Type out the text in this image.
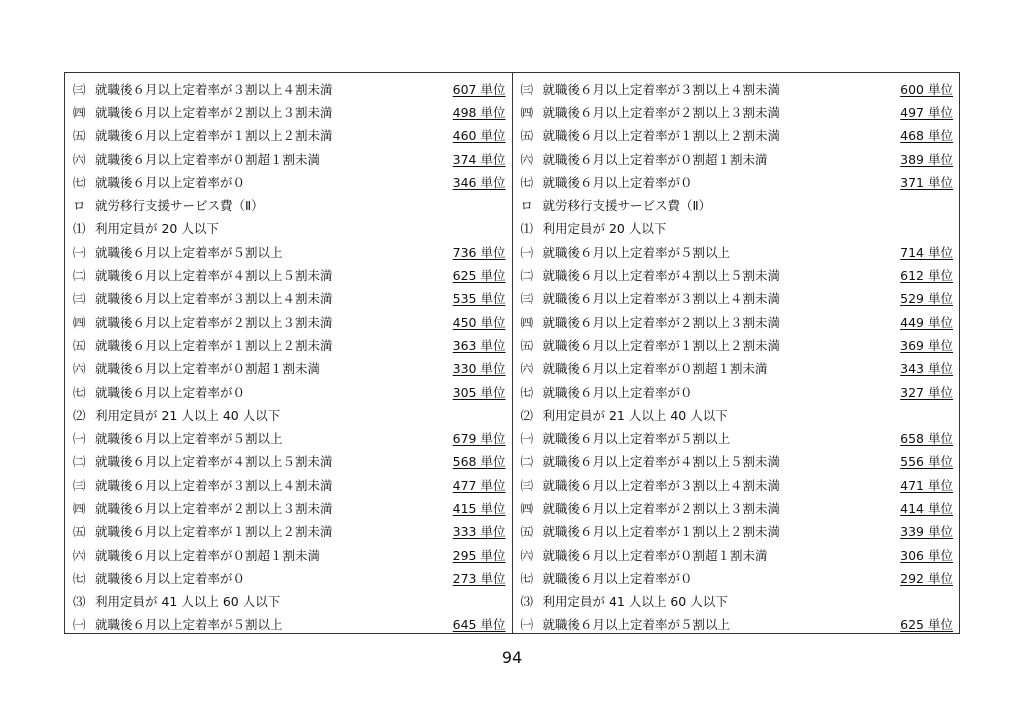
㈢ 就職後６月以上定着率が３割以上４割未満	607 単位
㈣ 就職後６月以上定着率が２割以上３割未満	498 単位
㈤ 就職後６月以上定着率が１割以上２割未満	460 単位
㈥ 就職後６月以上定着率が０割超１割未満	374 単位
㈦ 就職後６月以上定着率が０	346 単位
ロ 就労移行支援サービス費（Ⅱ）
⑴ 利用定員が 20 人以下
㈠ 就職後６月以上定着率が５割以上	736 単位
㈡ 就職後６月以上定着率が４割以上５割未満	625 単位
㈢ 就職後６月以上定着率が３割以上４割未満	535 単位
㈣ 就職後６月以上定着率が２割以上３割未満	450 単位
㈤ 就職後６月以上定着率が１割以上２割未満	363 単位
㈥ 就職後６月以上定着率が０割超１割未満	330 単位
㈦ 就職後６月以上定着率が０	305 単位
⑵ 利用定員が 21 人以上 40 人以下
㈠ 就職後６月以上定着率が５割以上	679 単位
㈡ 就職後６月以上定着率が４割以上５割未満	568 単位
㈢ 就職後６月以上定着率が３割以上４割未満	477 単位
㈣ 就職後６月以上定着率が２割以上３割未満	415 単位
㈤ 就職後６月以上定着率が１割以上２割未満	333 単位
㈥ 就職後６月以上定着率が０割超１割未満	295 単位
㈦ 就職後６月以上定着率が０	273 単位
⑶ 利用定員が 41 人以上 60 人以下
㈠ 就職後６月以上定着率が５割以上	645 単位
㈢ 就職後６月以上定着率が３割以上４割未満	600 単位
㈣ 就職後６月以上定着率が２割以上３割未満	497 単位
㈤ 就職後６月以上定着率が１割以上２割未満	468 単位
㈥ 就職後６月以上定着率が０割超１割未満	389 単位
㈦ 就職後６月以上定着率が０	371 単位
ロ 就労移行支援サービス費（Ⅱ）
⑴ 利用定員が 20 人以下
㈠ 就職後６月以上定着率が５割以上	714 単位
㈡ 就職後６月以上定着率が４割以上５割未満	612 単位
㈢ 就職後６月以上定着率が３割以上４割未満	529 単位
㈣ 就職後６月以上定着率が２割以上３割未満	449 単位
㈤ 就職後６月以上定着率が１割以上２割未満	369 単位
㈥ 就職後６月以上定着率が０割超１割未満	343 単位
㈦ 就職後６月以上定着率が０	327 単位
⑵ 利用定員が 21 人以上 40 人以下
㈠ 就職後６月以上定着率が５割以上	658 単位
㈡ 就職後６月以上定着率が４割以上５割未満	556 単位
㈢ 就職後６月以上定着率が３割以上４割未満	471 単位
㈣ 就職後６月以上定着率が２割以上３割未満	414 単位
㈤ 就職後６月以上定着率が１割以上２割未満	339 単位
㈥ 就職後６月以上定着率が０割超１割未満	306 単位
㈦ 就職後６月以上定着率が０	292 単位
⑶ 利用定員が 41 人以上 60 人以下
㈠ 就職後６月以上定着率が５割以上	625 単位
94
